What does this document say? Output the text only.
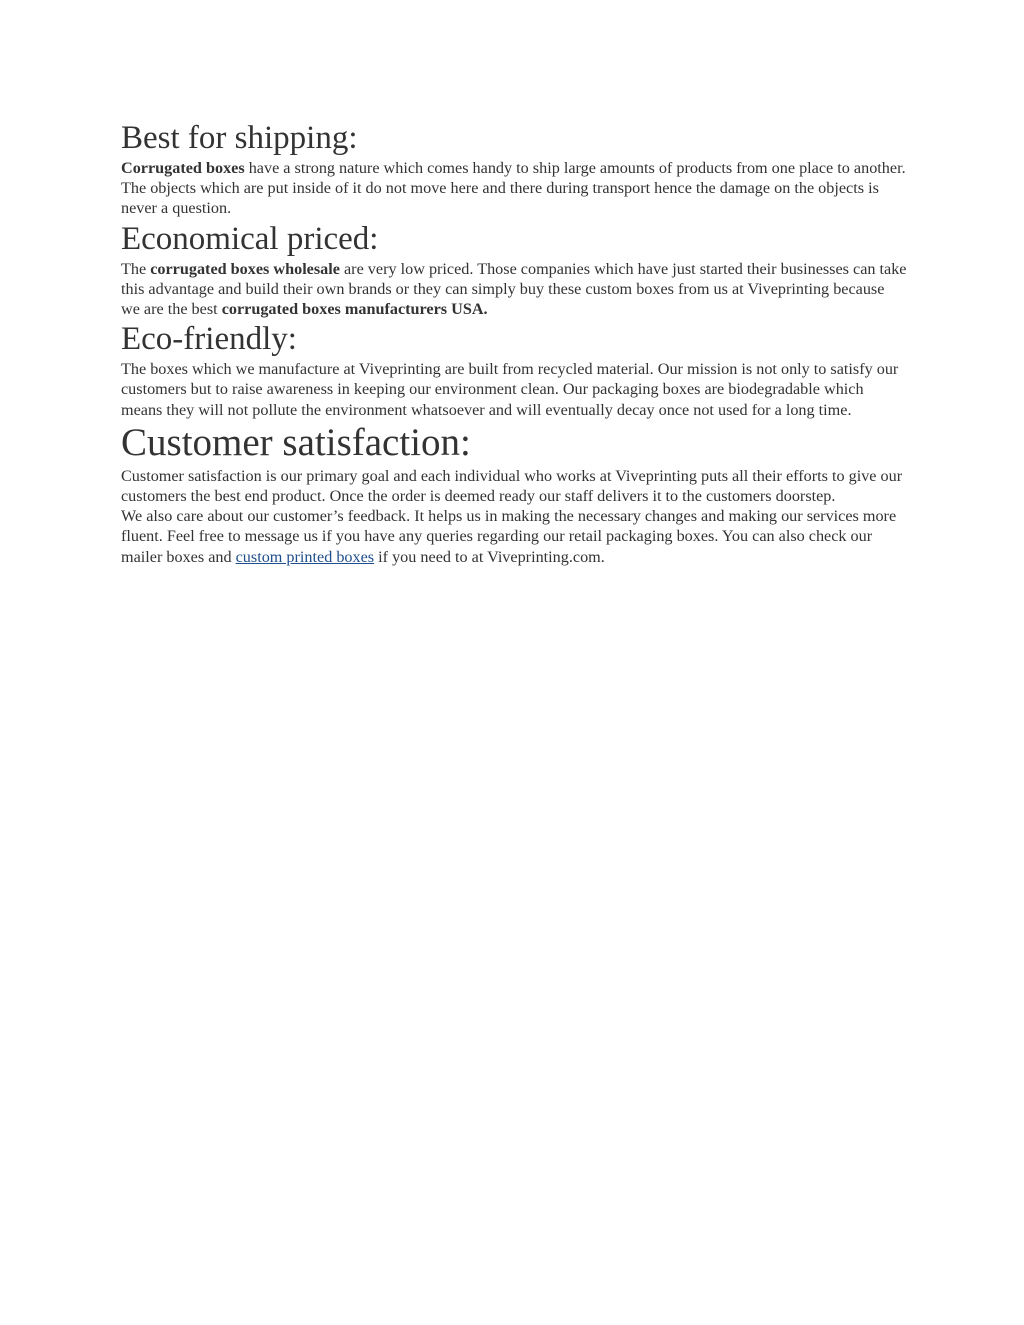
Best for shipping:

Corrugated boxes have a strong nature which comes handy to ship large amounts of products from one place to another. The objects which are put inside of it do not move here and there during transport hence the damage on the objects is never a question.

Economical priced:

The corrugated boxes wholesale are very low priced. Those companies which have just started their businesses can take this advantage and build their own brands or they can simply buy these custom boxes from us at Viveprinting because we are the best corrugated boxes manufacturers USA.

Eco-friendly:

The boxes which we manufacture at Viveprinting are built from recycled material. Our mission is not only to satisfy our customers but to raise awareness in keeping our environment clean. Our packaging boxes are biodegradable which means they will not pollute the environment whatsoever and will eventually decay once not used for a long time.

Customer satisfaction:

Customer satisfaction is our primary goal and each individual who works at Viveprinting puts all their efforts to give our customers the best end product. Once the order is deemed ready our staff delivers it to the customers doorstep.

We also care about our customer’s feedback. It helps us in making the necessary changes and making our services more fluent. Feel free to message us if you have any queries regarding our retail packaging boxes. You can also check our mailer boxes and custom printed boxes if you need to at Viveprinting.com.
